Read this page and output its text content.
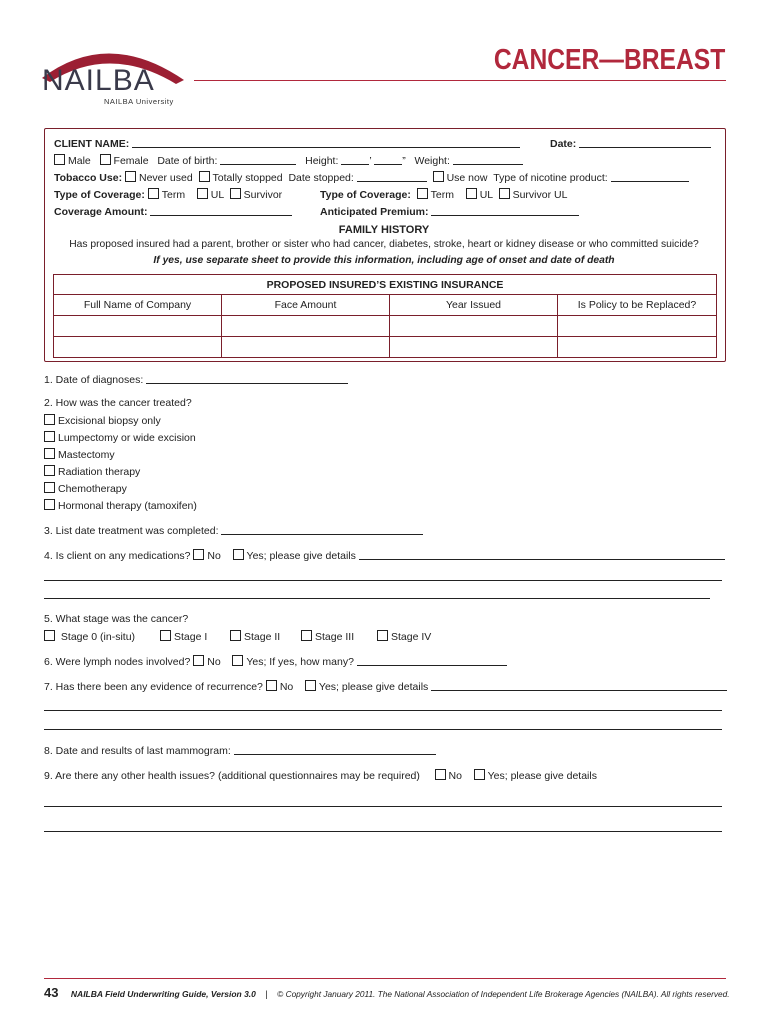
NAILBA
NAILBA University
CANCER—BREAST
CLIENT NAME:	Date:
Male Female Date of birth:	Height:	’	” Weight:
Tobacco Use: Never used Totally stopped Date stopped:	Use now Type of nicotine product:
Type of Coverage: Term UL Survivor	Type of Coverage: Term UL Survivor UL
Coverage Amount:	Anticipated Premium:
FAMILY HISTORY
Has proposed insured had a parent, brother or sister who had cancer, diabetes, stroke, heart or kidney disease or who committed suicide?
If yes, use separate sheet to provide this information, including age of onset and date of death
PROPOSED INSURED’S EXISTING INSURANCE			
Full Name of Company	Face Amount	Year Issued	Is Policy to be Replaced?

1. Date of diagnoses:
2. How was the cancer treated?
Excisional biopsy only
Lumpectomy or wide excision
Mastectomy
Radiation therapy
Chemotherapy
Hormonal therapy (tamoxifen)
3. List date treatment was completed:
4. Is client on any medications? No Yes; please give details
5. What stage was the cancer?
Stage 0 (in-situ)	Stage I	Stage II	Stage III	Stage IV
6. Were lymph nodes involved? No Yes; If yes, how many?
7. Has there been any evidence of recurrence? No Yes; please give details
8. Date and results of last mammogram:
9. Are there any other health issues? (additional questionnaires may be required)	No Yes; please give details
43 NAILBA Field Underwriting Guide, Version 3.0 | © Copyright January 2011. The National Association of Independent Life Brokerage Agencies (NAILBA). All rights reserved.
